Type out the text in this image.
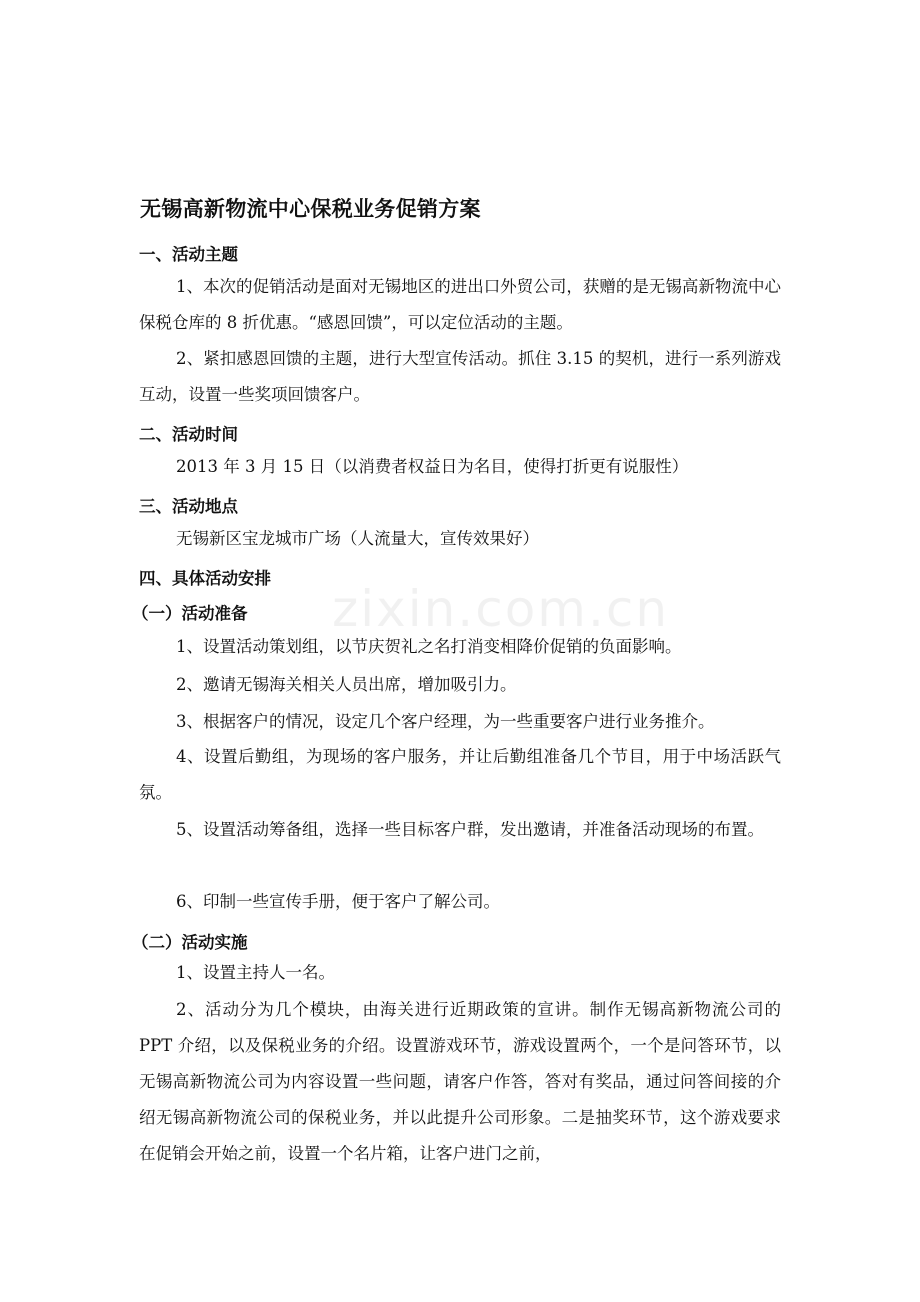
zixin.com.cn
无锡高新物流中心保税业务促销方案
一、活动主题

1、本次的促销活动是面对无锡地区的进出口外贸公司，获赠的是无锡高新物流中心保税仓库的 8 折优惠。“感恩回馈”，可以定位活动的主题。

2、紧扣感恩回馈的主题，进行大型宣传活动。抓住 3.15 的契机，进行一系列游戏互动，设置一些奖项回馈客户。

二、活动时间

2013 年 3 月 15 日（以消费者权益日为名目，使得打折更有说服性）

三、活动地点

无锡新区宝龙城市广场（人流量大，宣传效果好）

四、具体活动安排
（一）活动准备

1、设置活动策划组，以节庆贺礼之名打消变相降价促销的负面影响。

2、邀请无锡海关相关人员出席，增加吸引力。

3、根据客户的情况，设定几个客户经理，为一些重要客户进行业务推介。

4、设置后勤组，为现场的客户服务，并让后勤组准备几个节目，用于中场活跃气氛。

5、设置活动筹备组，选择一些目标客户群，发出邀请，并准备活动现场的布置。

6、印制一些宣传手册，便于客户了解公司。

（二）活动实施

1、设置主持人一名。

2、活动分为几个模块，由海关进行近期政策的宣讲。制作无锡高新物流公司的 PPT 介绍，以及保税业务的介绍。设置游戏环节，游戏设置两个，一个是问答环节，以无锡高新物流公司为内容设置一些问题，请客户作答，答对有奖品，通过问答间接的介绍无锡高新物流公司的保税业务，并以此提升公司形象。二是抽奖环节，这个游戏要求在促销会开始之前，设置一个名片箱，让客户进门之前，
